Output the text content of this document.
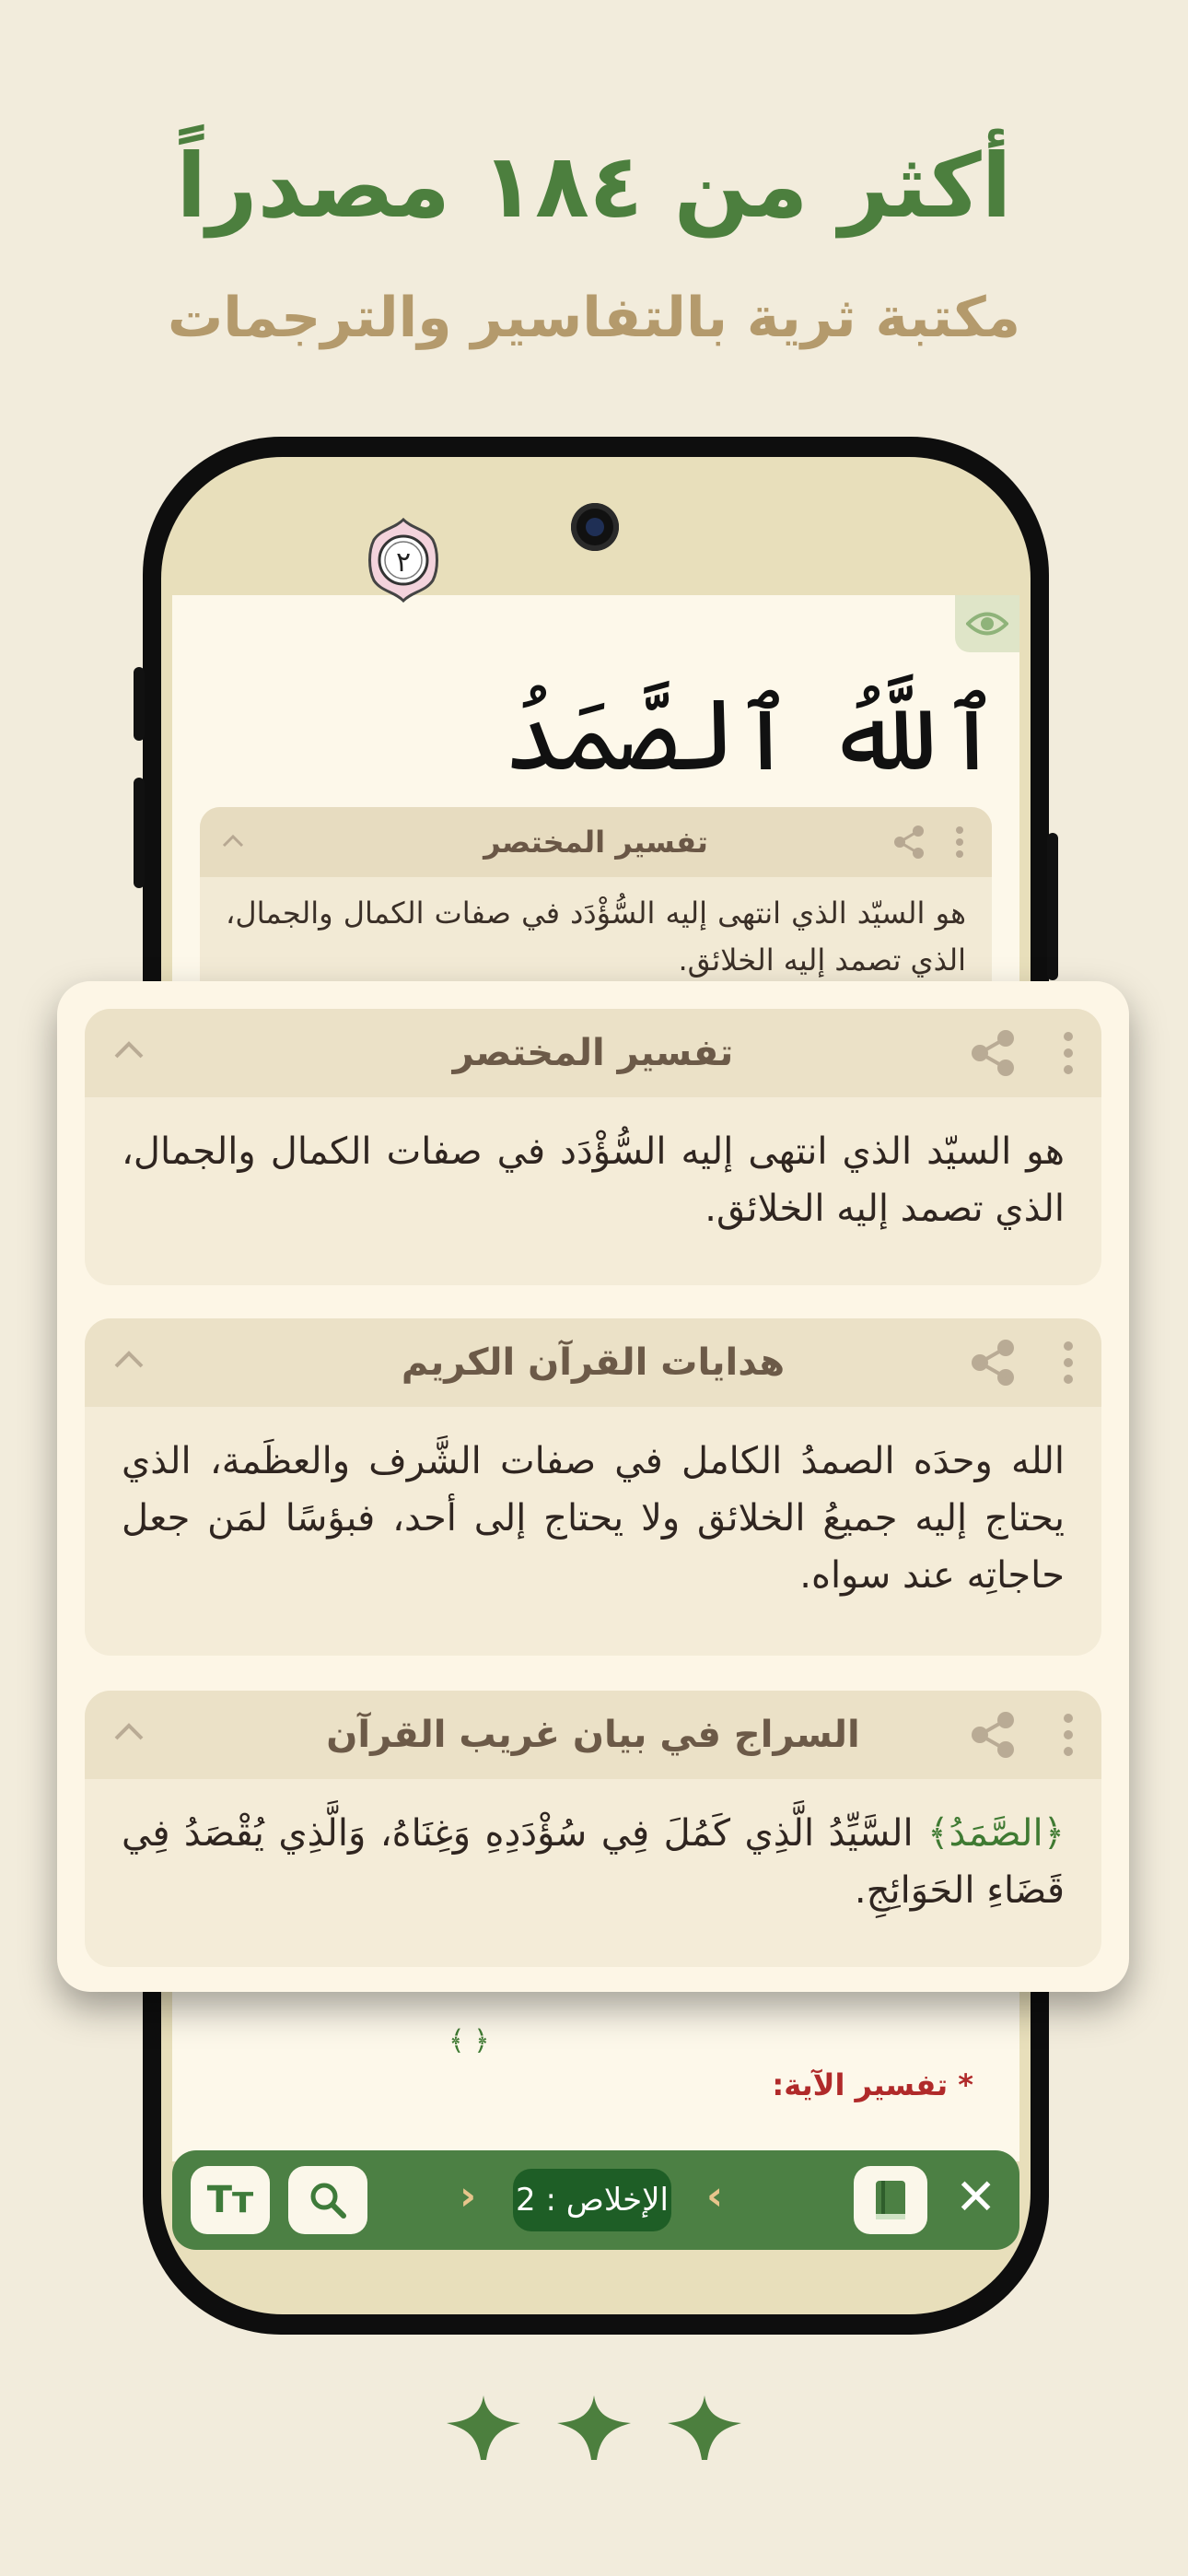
أكثر من ١٨٤ مصدراً
مكتبة ثرية بالتفاسير والترجمات
ٱللَّهُ ٱلصَّمَدُ
تفسير المختصر
هو السيّد الذي انتهى إليه السُّؤْدَد في صفات الكمال والجمال، الذي تصمد إليه الخلائق.
﴿ ﴾
* تفسير الآية:
Tт	‹ الإخلاص : 2 ›	✕
٢
تفسير المختصر
هو السيّد الذي انتهى إليه السُّؤْدَد في صفات الكمال والجمال، الذي تصمد إليه الخلائق.
هدايات القرآن الكريم
الله وحدَه الصمدُ الكامل في صفات الشَّرف والعظَمة، الذي يحتاج إليه جميعُ الخلائق ولا يحتاج إلى أحد، فبؤسًا لمَن جعل حاجاتِه عند سواه.
السراج في بيان غريب القرآن
﴿الصَّمَدُ﴾ السَّيِّدُ الَّذِي كَمُلَ فِي سُؤْدَدِهِ وَغِنَاهُ، وَالَّذِي يُقْصَدُ فِي قَضَاءِ الحَوَائِجِ.
